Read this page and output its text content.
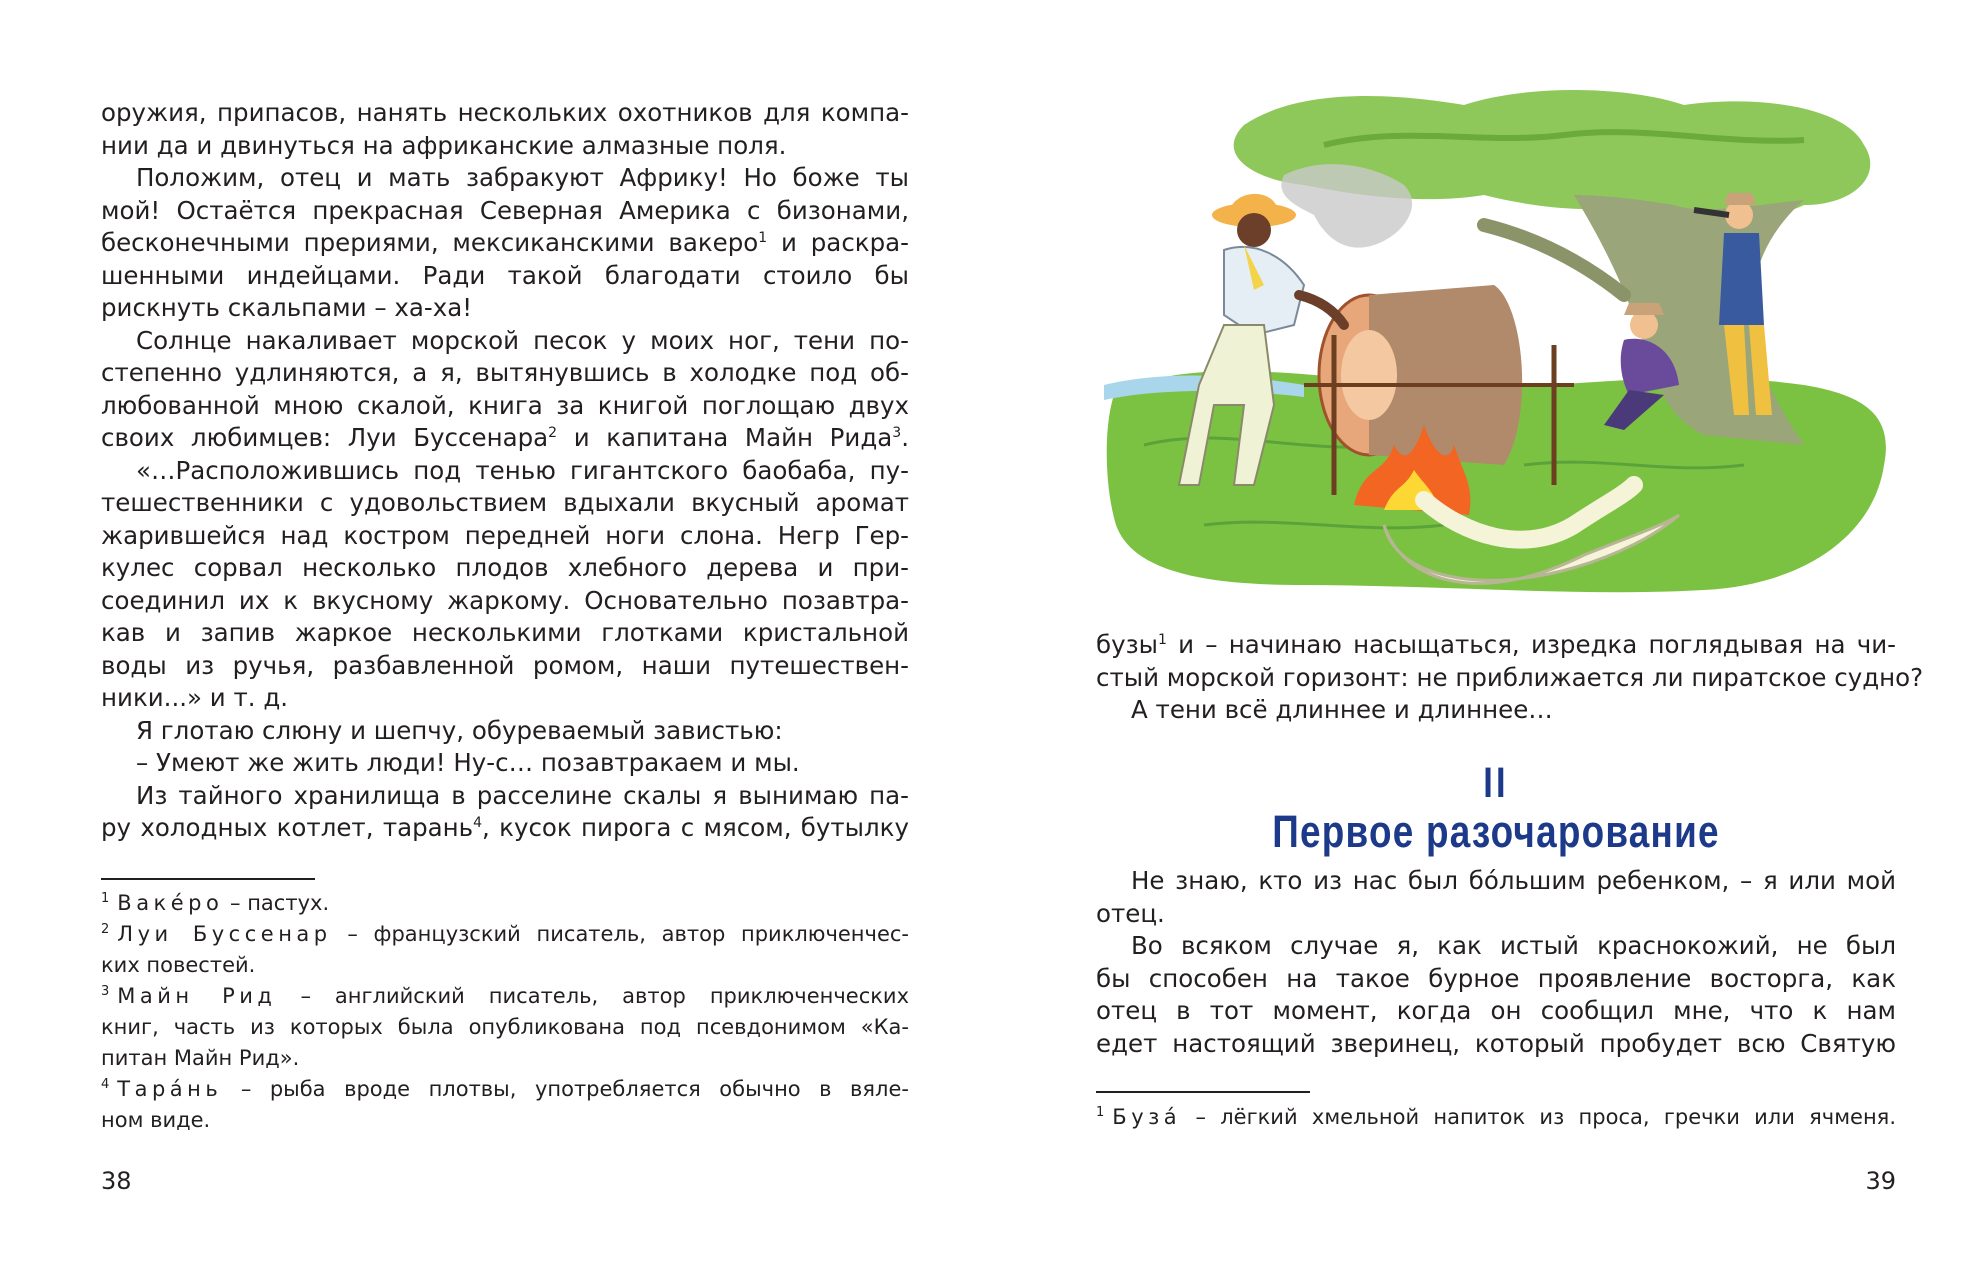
оружия, припасов, нанять нескольких охотников для компа-
нии да и двинуться на африканские алмазные поля.
Положим, отец и мать забракуют Африку! Но боже ты
мой! Остаётся прекрасная Северная Америка с бизонами,
бесконечными прериями, мексиканскими вакеро$^1$ и раскра-
шенными индейцами. Ради такой благодати стоило бы
рискнуть скальпами – ха-ха!
Солнце накаливает морской песок у моих ног, тени по-
степенно удлиняются, а я, вытянувшись в холодке под об-
любованной мною скалой, книга за книгой поглощаю двух
своих любимцев: Луи Буссенара$^2$ и капитана Майн Рида$^3$.
«…Расположившись под тенью гигантского баобаба, пу-
тешественники с удовольствием вдыхали вкусный аромат
жарившейся над костром передней ноги слона. Негр Гер-
кулес сорвал несколько плодов хлебного дерева и при-
соединил их к вкусному жаркому. Основательно позавтра-
кав и запив жаркое несколькими глотками кристальной
воды из ручья, разбавленной ромом, наши путешествен-
ники...» и т. д.
Я глотаю слюну и шепчу, обуреваемый завистью:
– Умеют же жить люди! Ну-с… позавтракаем и мы.
Из тайного хранилища в расселине скалы я вынимаю па-
ру холодных котлет, тарань$^4$, кусок пирога с мясом, бутылку
$^1$ Вакéро – пастух.
$^2$ Луи Буссенар – французский писатель, автор приключенчес-
ких повестей.
$^3$ Майн Рид – английский писатель, автор приключенческих
книг, часть из которых была опубликована под псевдонимом «Ка-
питан Майн Рид».
$^4$ Тарáнь – рыба вроде плотвы, употребляется обычно в вяле-
ном виде.
38
бузы$^1$ и – начинаю насыщаться, изредка поглядывая на чи-
стый морской горизонт: не приближается ли пиратское судно?
А тени всё длиннее и длиннее…
II
Первое разочарование
Не знаю, кто из нас был бóльшим ребенком, – я или мой
отец.
Во всяком случае я, как истый краснокожий, не был
бы способен на такое бурное проявление восторга, как
отец в тот момент, когда он сообщил мне, что к нам
едет настоящий зверинец, который пробудет всю Святую
$^1$ Бузá – лёгкий хмельной напиток из проса, гречки или ячменя.
39
